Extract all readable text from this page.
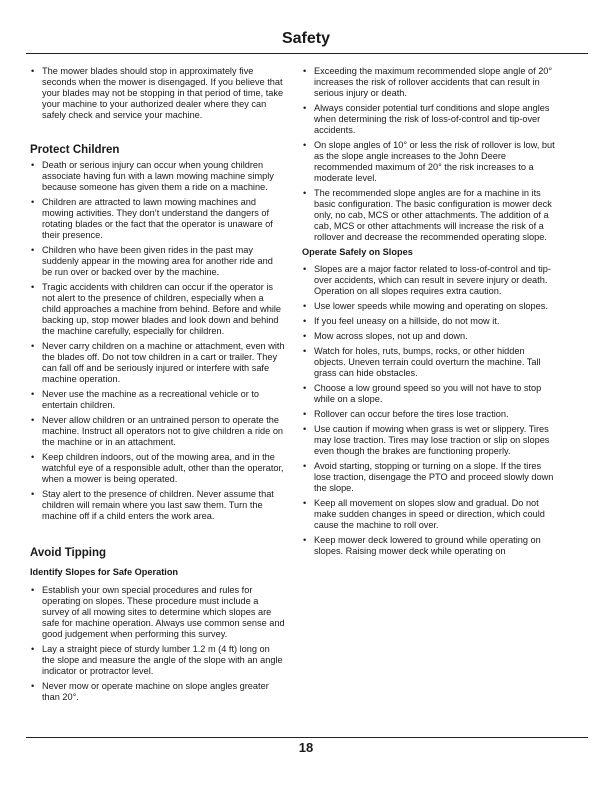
Safety
• The mower blades should stop in approximately five seconds when the mower is disengaged. If you believe that your blades may not be stopping in that period of time, take your machine to your authorized dealer where they can safely check and service your machine.
Protect Children
• Death or serious injury can occur when young children associate having fun with a lawn mowing machine simply because someone has given them a ride on a machine.
• Children are attracted to lawn mowing machines and mowing activities. They don’t understand the dangers of rotating blades or the fact that the operator is unaware of their presence.
• Children who have been given rides in the past may suddenly appear in the mowing area for another ride and be run over or backed over by the machine.
• Tragic accidents with children can occur if the operator is not alert to the presence of children, especially when a child approaches a machine from behind. Before and while backing up, stop mower blades and look down and behind the machine carefully, especially for children.
• Never carry children on a machine or attachment, even with the blades off. Do not tow children in a cart or trailer. They can fall off and be seriously injured or interfere with safe machine operation.
• Never use the machine as a recreational vehicle or to entertain children.
• Never allow children or an untrained person to operate the machine. Instruct all operators not to give children a ride on the machine or in an attachment.
• Keep children indoors, out of the mowing area, and in the watchful eye of a responsible adult, other than the operator, when a mower is being operated.
• Stay alert to the presence of children. Never assume that children will remain where you last saw them. Turn the machine off if a child enters the work area.
Avoid Tipping
Identify Slopes for Safe Operation
• Establish your own special procedures and rules for operating on slopes. These procedure must include a survey of all mowing sites to determine which slopes are safe for machine operation. Always use common sense and good judgement when performing this survey.
• Lay a straight piece of sturdy lumber 1.2 m (4 ft) long on the slope and measure the angle of the slope with an angle indicator or protractor level.
• Never mow or operate machine on slope angles greater than 20°.
• Exceeding the maximum recommended slope angle of 20° increases the risk of rollover accidents that can result in serious injury or death.
• Always consider potential turf conditions and slope angles when determining the risk of loss-of-control and tip-over accidents.
• On slope angles of 10° or less the risk of rollover is low, but as the slope angle increases to the John Deere recommended maximum of 20° the risk increases to a moderate level.
• The recommended slope angles are for a machine in its basic configuration. The basic configuration is mower deck only, no cab, MCS or other attachments. The addition of a cab, MCS or other attachments will increase the risk of a rollover and decrease the recommended operating slope.
Operate Safely on Slopes
• Slopes are a major factor related to loss-of-control and tip-over accidents, which can result in severe injury or death. Operation on all slopes requires extra caution.
• Use lower speeds while mowing and operating on slopes.
• If you feel uneasy on a hillside, do not mow it.
• Mow across slopes, not up and down.
• Watch for holes, ruts, bumps, rocks, or other hidden objects. Uneven terrain could overturn the machine. Tall grass can hide obstacles.
• Choose a low ground speed so you will not have to stop while on a slope.
• Rollover can occur before the tires lose traction.
• Use caution if mowing when grass is wet or slippery. Tires may lose traction. Tires may lose traction or slip on slopes even though the brakes are functioning properly.
• Avoid starting, stopping or turning on a slope. If the tires lose traction, disengage the PTO and proceed slowly down the slope.
• Keep all movement on slopes slow and gradual. Do not make sudden changes in speed or direction, which could cause the machine to roll over.
• Keep mower deck lowered to ground while operating on slopes. Raising mower deck while operating on
18
